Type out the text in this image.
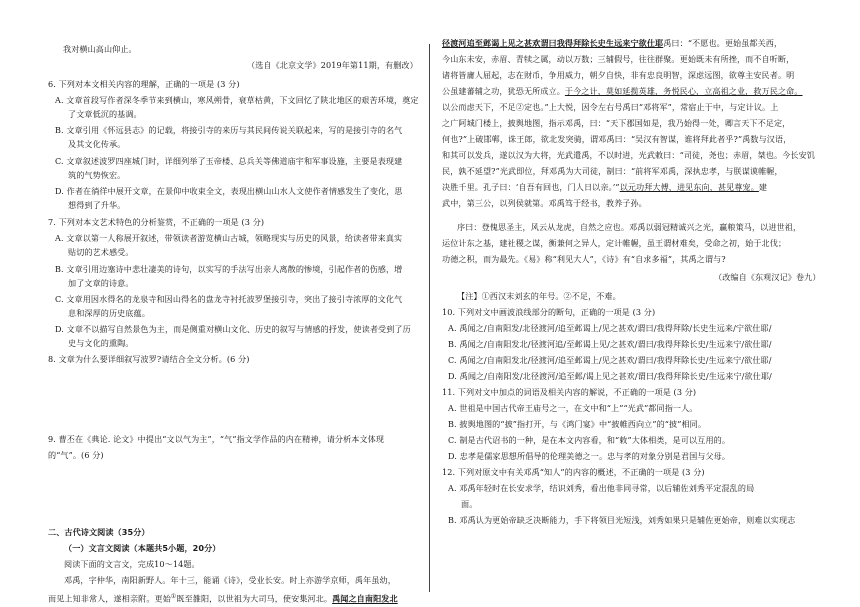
我对横山高山仰止。
（选自《北京文学》2019年第11期，有删改）
6. 下列对本文相关内容的理解，正确的一项是 (3 分)
A. 文章首段写作者深冬季节来到横山，寒风朔骨，衰草枯黄，下文回忆了陕北地区的艰苦环境，奠定
了文章低沉的基调。
B. 文章引用《怀远县志》的记载，将接引寺的来历与其民间传说关联起来，写的是接引寺的名气
及其文化传承。
C. 文章叙述波罗四座城门时，详细列举了玉帝楼、总兵关等佛道庙宇和军事设施，主要是表现建
筑的气势恢宏。
D. 作者在徜徉中展开文章，在景仰中收束全文，表现出横山山水人文使作者情感发生了变化，思
想得到了升华。
7. 下列对本文艺术特色的分析鉴赏，不正确的一项是 (3 分)
A. 文章以第一人称展开叙述，带领读者游览横山古城，领略现实与历史的风景，给读者带来真实
贴切的艺术感受。
B. 文章引用边塞诗中悲壮凄美的诗句，以实写的手法写出亲人离散的惨境，引起作者的伤感，增
加了文章的诗意。
C. 文章用因水得名的龙泉寺和因山得名的盘龙寺衬托波罗堡接引寺，突出了接引寺浓厚的文化气
息和深厚的历史底蕴。
D. 文章不以描写自然景色为主，而是侧重对横山文化、历史的叙写与情感的抒发，使读者受到了历
史与文化的熏陶。
8. 文章为什么要详细叙写波罗?请结合全文分析。(6 分)
9. 曹丕在《典论. 论文》中提出“文以气为主”，“气”指文学作品的内在精神，请分析本文体现
的“气”。(6 分)
二、古代诗文阅读（35分）
（一）文言文阅读（本题共5小题，20分）
阅读下面的文言文，完成10～14题。
邓禹，字仲华，南阳新野人。年十三，能诵《诗》，受业长安。时上亦游学京师，禹年虽幼，
而见上知非常人，遂相亲附。更始①既至雒阳，以世祖为大司马，使安集河北。禹闻之自南阳发北
径渡河追至邺谒上见之甚欢谓曰我得拜除长史生远来宁欲仕耶禹曰：“不愿也。更始虽都关西，
今山东未安，赤眉、青犊之属，动以万数；三辅假号，往往群聚。更始既未有所挫，而不自听断，
诸将皆庸人屈起，志在财币，争用威力，朝夕自快，非有忠良明智，深虑远图，欲尊主安民者。明
公虽建蕃辅之功，犹恐无所成立。于今之计，莫如延揽英雄，务悦民心，立高祖之业，救万民之命。
以公而虑天下，不足②定也。”上大悦，因令左右号禹曰“邓将军”，常宿止于中，与定计议。上
之广阿城门楼上，披舆地图，指示邓禹，曰：“天下郡国如是，我乃始得一处，卿言天下不足定，
何也?”上破邯郸，诛王郎，欲北发突骑，谓邓禹曰：“吴汉有智谋，谁将拜此者乎?”禹数与汉语，
和其可以发兵，遂以汉为大将，光武遣禹，不以时进，光武敕曰：“司徒，尧也；赤眉，桀也。今长安饥
民，孰不延望?”光武即位，拜邓禹为大司徒，制曰：“前将军邓禹，深执忠孝，与朕谋谟帷幄，
决胜千里。孔子曰：‘自吾有回也，门人日以亲。’”以元功拜大傅，进见东向，甚见尊宠。建
武中，第三公，以列侯就第。邓禹笃于经书，教养子孙。
序曰：登傀思圣主，风云从龙虎，自然之应也。邓禹以弱冠精诚兴之光，赢粮策马，以进世祖，
运位计东之基，建社稷之谋，衡兼何之异人，定计帷幄，虽王谓材难矣，受命之初，始于北伐；
功德之积，而为最先。《易》称“利见大人”，《诗》有“自求多福”，其禹之谓与?
（改编自《东观汉记》卷九）
【注】①西汉末刘玄的年号。②不足，不难。
10. 下列对文中画波浪线部分的断句，正确的一项是 (3 分)
A. 禹闻之/自南阳发/北径渡河/追至邺谒上/见之甚欢/谓曰/我得拜除/长史生远来/宁欲仕耶/
B. 禹闻之/自南阳发北/径渡河追/至邺谒上见/之甚欢/谓曰/我得拜除长史/生远来宁/欲仕耶/
C. 禹闻之/自南阳发北/径渡河/追至邺谒上/见之甚欢/谓曰/我得拜除长史/生远来宁/欲仕耶/
D. 禹闻之/自南阳发/北径渡河/追至邺/谒上见之甚欢/谓曰/我得拜除长史/生远来宁/欲仕耶/
11. 下列对文中加点的词语及相关内容的解说，不正确的一项是 (3 分)
A. 世祖是中国古代帝王庙号之一，在文中和“上”“光武”都同指一人。
B. 披舆地图的“披”指打开，与《鸿门宴》中“披帷西向立”的“披”相同。
C. 制是古代诏书的一种，是在本文内容看，和“敕”大体相类，是可以互用的。
D. 忠孝是儒家思想所倡导的伦理美德之一。忠与孝的对象分别是君国与父母。
12. 下列对原文中有关邓禹“知人”的内容的概述，不正确的一项是 (3 分)
A. 邓禹年轻时在长安求学，结识刘秀，看出他非同寻常，以后辅佐刘秀平定混乱的局
面。
B. 邓禹认为更始帝缺乏决断能力，手下将领目光短浅，刘秀如果只是辅佐更始帝，则难以实现志
